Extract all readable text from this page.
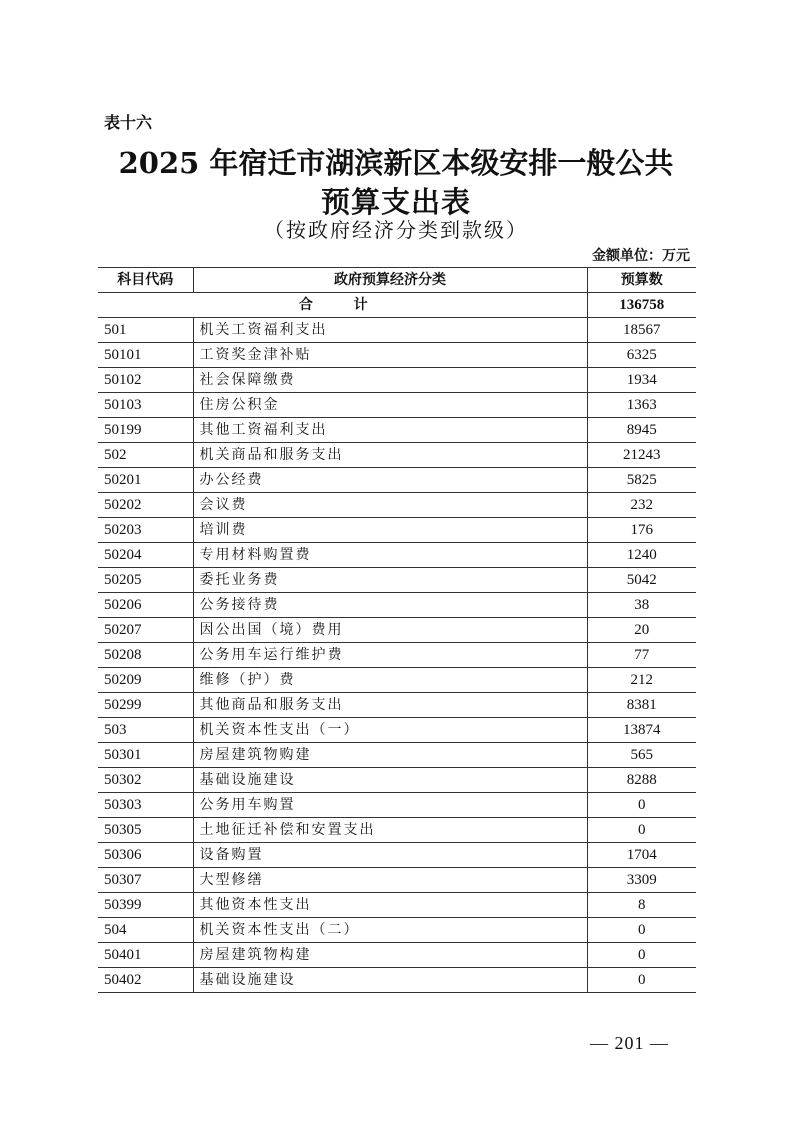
表十六
2025 年宿迁市湖滨新区本级安排一般公共
预算支出表
（按政府经济分类到款级）
金额单位：万元
科目代码	政府预算经济分类	预算数
合 计		136758
501	机关工资福利支出	18567
50101	工资奖金津补贴	6325
50102	社会保障缴费	1934
50103	住房公积金	1363
50199	其他工资福利支出	8945
502	机关商品和服务支出	21243
50201	办公经费	5825
50202	会议费	232
50203	培训费	176
50204	专用材料购置费	1240
50205	委托业务费	5042
50206	公务接待费	38
50207	因公出国（境）费用	20
50208	公务用车运行维护费	77
50209	维修（护）费	212
50299	其他商品和服务支出	8381
503	机关资本性支出（一）	13874
50301	房屋建筑物购建	565
50302	基础设施建设	8288
50303	公务用车购置	0
50305	土地征迁补偿和安置支出	0
50306	设备购置	1704
50307	大型修缮	3309
50399	其他资本性支出	8
504	机关资本性支出（二）	0
50401	房屋建筑物构建	0
50402	基础设施建设	0
— 201 —
